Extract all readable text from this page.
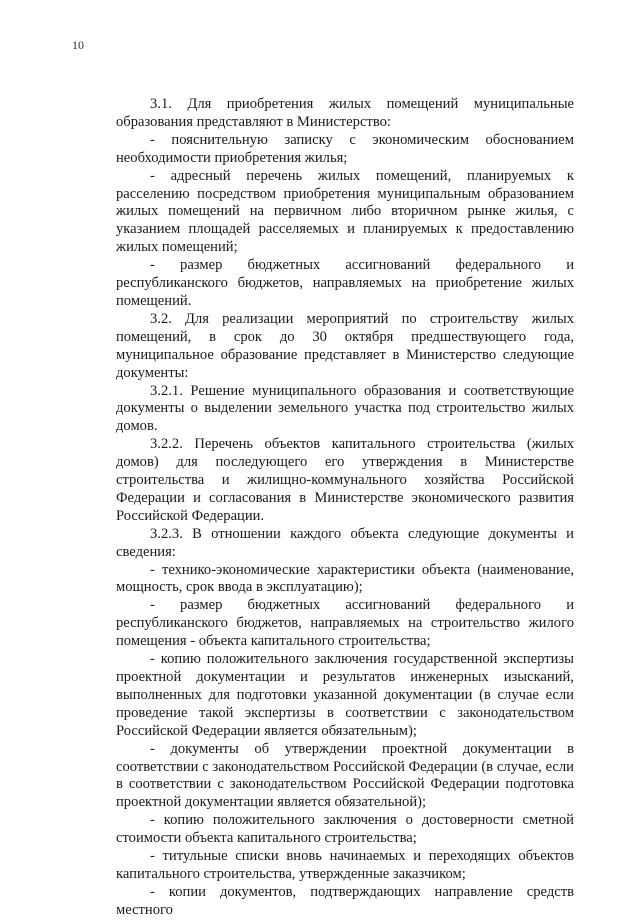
10

3.1. Для приобретения жилых помещений муниципальные образования представляют в Министерство:

- пояснительную записку с экономическим обоснованием необходимости приобретения жилья;

- адресный перечень жилых помещений, планируемых к расселению посредством приобретения муниципальным образованием жилых помещений на первичном либо вторичном рынке жилья, с указанием площадей расселяемых и планируемых к предоставлению жилых помещений;

- размер бюджетных ассигнований федерального и республиканского бюджетов, направляемых на приобретение жилых помещений.

3.2. Для реализации мероприятий по строительству жилых помещений, в срок до 30 октября предшествующего года, муниципальное образование представляет в Министерство следующие документы:

3.2.1. Решение муниципального образования и соответствующие документы о выделении земельного участка под строительство жилых домов.

3.2.2. Перечень объектов капитального строительства (жилых домов) для последующего его утверждения в Министерстве строительства и жилищно-коммунального хозяйства Российской Федерации и согласования в Министерстве экономического развития Российской Федерации.

3.2.3. В отношении каждого объекта следующие документы и сведения:

- технико-экономические характеристики объекта (наименование, мощность, срок ввода в эксплуатацию);

- размер бюджетных ассигнований федерального и республиканского бюджетов, направляемых на строительство жилого помещения - объекта капитального строительства;

- копию положительного заключения государственной экспертизы проектной документации и результатов инженерных изысканий, выполненных для подготовки указанной документации (в случае если проведение такой экспертизы в соответствии с законодательством Российской Федерации является обязательным);

- документы об утверждении проектной документации в соответствии с законодательством Российской Федерации (в случае, если в соответствии с законодательством Российской Федерации подготовка проектной документации является обязательной);

- копию положительного заключения о достоверности сметной стоимости объекта капитального строительства;

- титульные списки вновь начинаемых и переходящих объектов капитального строительства, утвержденные заказчиком;

- копии документов, подтверждающих направление средств местного
